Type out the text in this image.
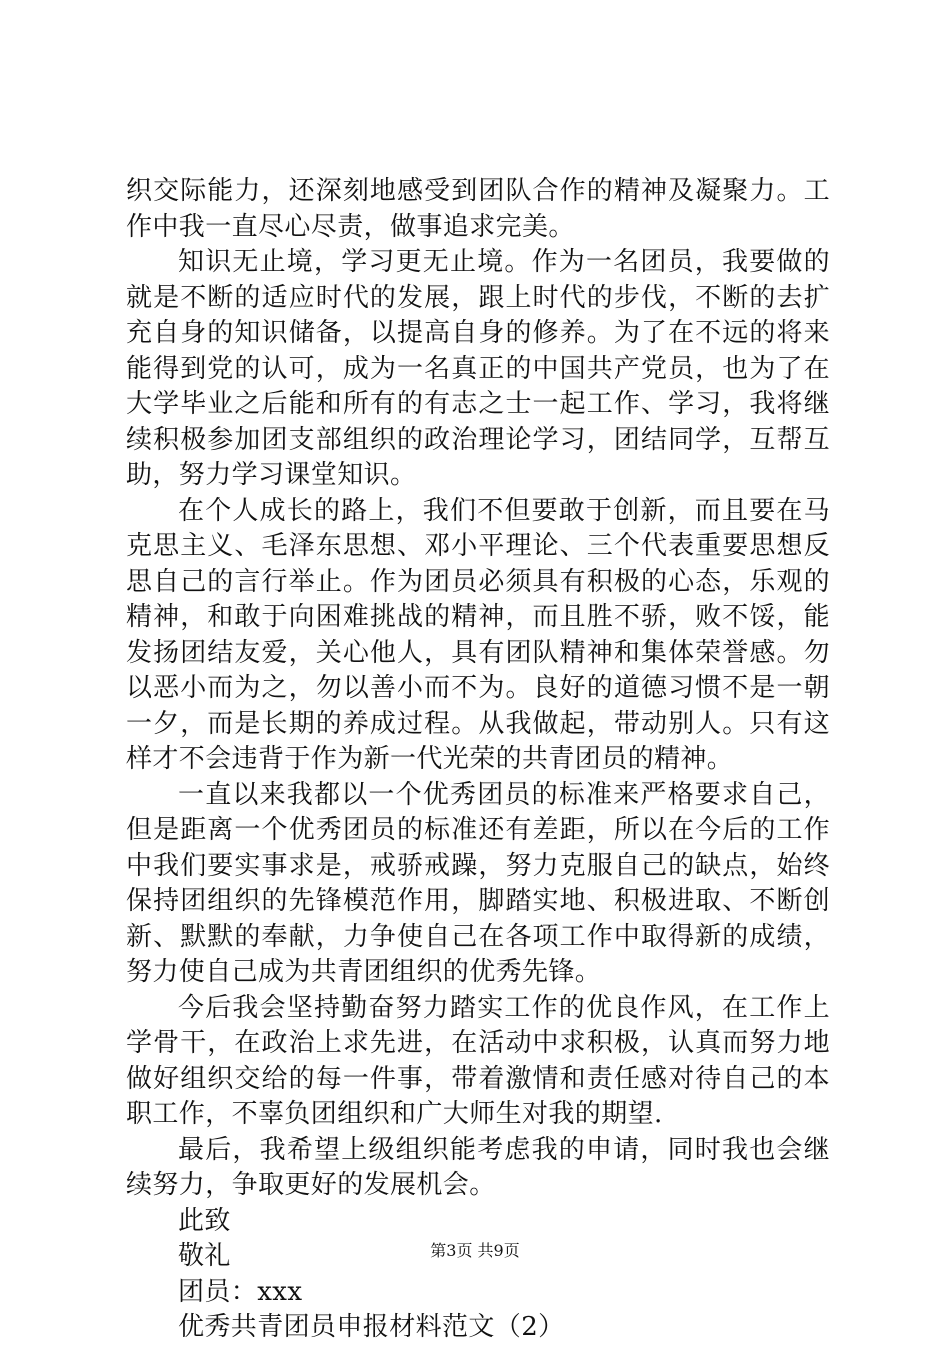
织交际能力，还深刻地感受到团队合作的精神及凝聚力。工作中我一直尽心尽责，做事追求完美。

知识无止境，学习更无止境。作为一名团员，我要做的就是不断的适应时代的发展，跟上时代的步伐，不断的去扩充自身的知识储备，以提高自身的修养。为了在不远的将来能得到党的认可，成为一名真正的中国共产党员，也为了在大学毕业之后能和所有的有志之士一起工作、学习，我将继续积极参加团支部组织的政治理论学习，团结同学，互帮互助，努力学习课堂知识。

在个人成长的路上，我们不但要敢于创新，而且要在马克思主义、毛泽东思想、邓小平理论、三个代表重要思想反思自己的言行举止。作为团员必须具有积极的心态，乐观的精神，和敢于向困难挑战的精神，而且胜不骄，败不馁，能发扬团结友爱，关心他人，具有团队精神和集体荣誉感。勿以恶小而为之，勿以善小而不为。良好的道德习惯不是一朝一夕，而是长期的养成过程。从我做起，带动别人。只有这样才不会违背于作为新一代光荣的共青团员的精神。

一直以来我都以一个优秀团员的标准来严格要求自己，但是距离一个优秀团员的标准还有差距，所以在今后的工作中我们要实事求是，戒骄戒躁，努力克服自己的缺点，始终保持团组织的先锋模范作用，脚踏实地、积极进取、不断创新、默默的奉献，力争使自己在各项工作中取得新的成绩，努力使自己成为共青团组织的优秀先锋。

今后我会坚持勤奋努力踏实工作的优良作风，在工作上学骨干，在政治上求先进，在活动中求积极，认真而努力地做好组织交给的每一件事，带着激情和责任感对待自己的本职工作，不辜负团组织和广大师生对我的期望.

最后，我希望上级组织能考虑我的申请，同时我也会继续努力，争取更好的发展机会。

此致

敬礼

团员：xxx

优秀共青团员申报材料范文（2）

第3页 共9页
